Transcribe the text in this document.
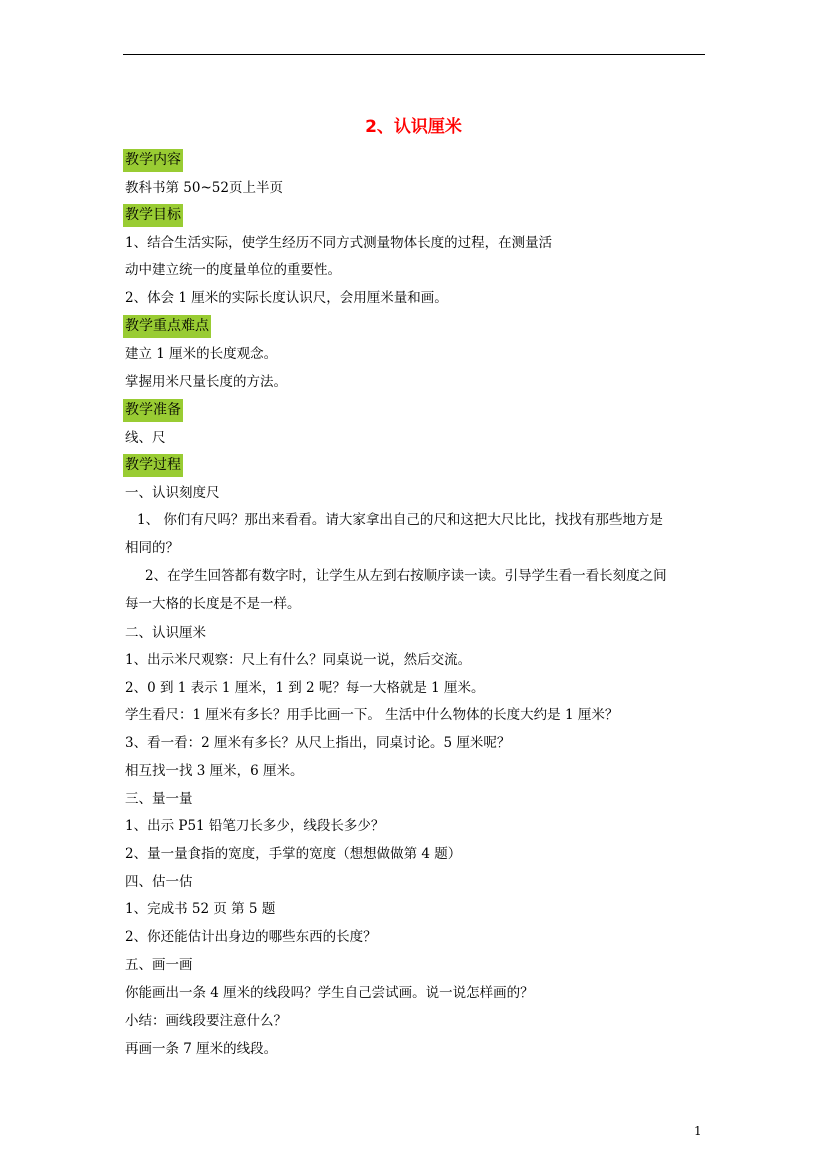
2、认识厘米
教学内容
教科书第 50~52页上半页
教学目标
1、结合生活实际，使学生经历不同方式测量物体长度的过程，在测量活
动中建立统一的度量单位的重要性。
2、体会 1 厘米的实际长度认识尺，会用厘米量和画。
教学重点难点
建立 1 厘米的长度观念。
掌握用米尺量长度的方法。
教学准备
线、尺
教学过程
一、认识刻度尺
1、 你们有尺吗？那出来看看。请大家拿出自己的尺和这把大尺比比，找找有那些地方是
相同的？
2、在学生回答都有数字时，让学生从左到右按顺序读一读。引导学生看一看长刻度之间
每一大格的长度是不是一样。
二、认识厘米
1、出示米尺观察：尺上有什么？同桌说一说，然后交流。
2、0 到 1 表示 1 厘米，1 到 2 呢？每一大格就是 1 厘米。
学生看尺：1 厘米有多长？用手比画一下。 生活中什么物体的长度大约是 1 厘米？
3、看一看：2 厘米有多长？从尺上指出，同桌讨论。5 厘米呢？
相互找一找 3 厘米，6 厘米。
三、量一量
1、出示 P51 铅笔刀长多少，线段长多少？
2、量一量食指的宽度，手掌的宽度（想想做做第 4 题）
四、估一估
1、完成书 52 页 第 5 题
2、你还能估计出身边的哪些东西的长度？
五、画一画
你能画出一条 4 厘米的线段吗？学生自己尝试画。说一说怎样画的？
小结：画线段要注意什么？
再画一条 7 厘米的线段。
1
